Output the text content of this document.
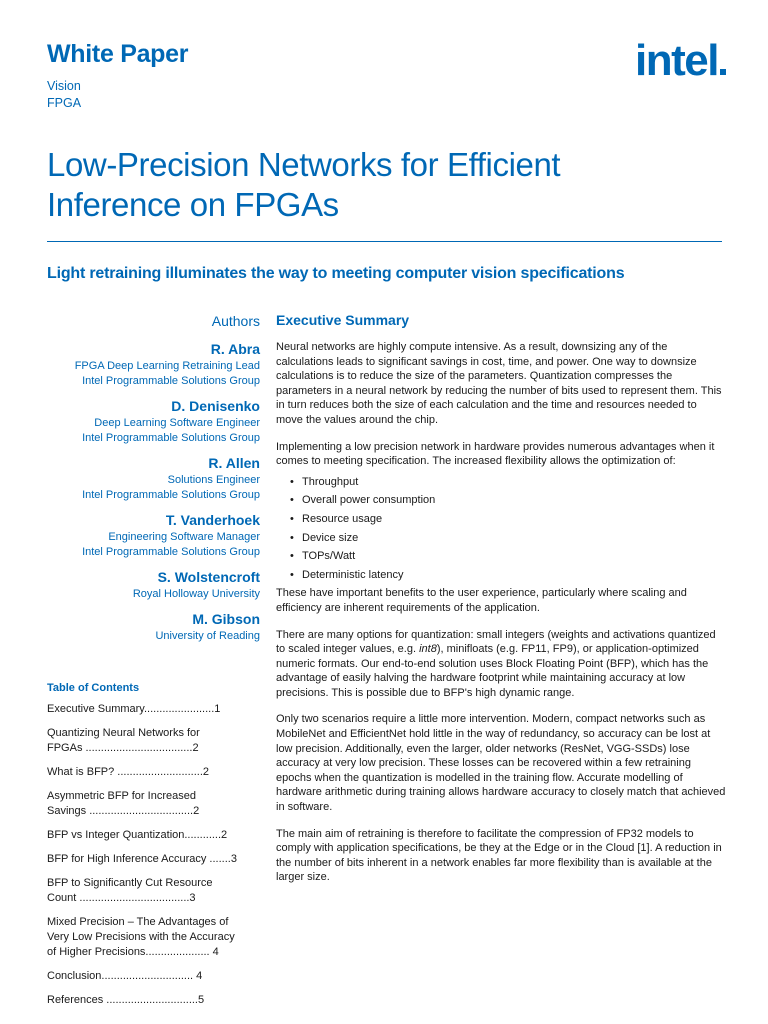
White Paper
Vision
FPGA
intel
Low-Precision Networks for Efficient
Inference on FPGAs
Light retraining illuminates the way to meeting computer vision specifications
Authors
R. Abra
FPGA Deep Learning Retraining Lead
Intel Programmable Solutions Group
D. Denisenko
Deep Learning Software Engineer
Intel Programmable Solutions Group
R. Allen
Solutions Engineer
Intel Programmable Solutions Group
T. Vanderhoek
Engineering Software Manager
Intel Programmable Solutions Group
S. Wolstencroft
Royal Holloway University
M. Gibson
University of Reading
Table of Contents
Executive Summary.......................1
Quantizing Neural Networks for
FPGAs ...................................2
What is BFP? ............................2
Asymmetric BFP for Increased
Savings ..................................2
BFP vs Integer Quantization............2
BFP for High Inference Accuracy .......3
BFP to Significantly Cut Resource
Count ....................................3
Mixed Precision – The Advantages of
Very Low Precisions with the Accuracy
of Higher Precisions..................... 4
Conclusion.............................. 4
References ..............................5
Executive Summary

Neural networks are highly compute intensive. As a result, downsizing any of the calculations leads to significant savings in cost, time, and power. One way to downsize calculations is to reduce the size of the parameters. Quantization compresses the parameters in a neural network by reducing the number of bits used to represent them. This in turn reduces both the size of each calculation and the time and resources needed to move the values around the chip.

Implementing a low precision network in hardware provides numerous advantages when it comes to meeting specification. The increased flexibility allows the optimization of:

• Throughput
• Overall power consumption
• Resource usage
• Device size
• TOPs/Watt
• Deterministic latency

These have important benefits to the user experience, particularly where scaling and efficiency are inherent requirements of the application.

There are many options for quantization: small integers (weights and activations quantized to scaled integer values, e.g. int8), minifloats (e.g. FP11, FP9), or application-optimized numeric formats. Our end-to-end solution uses Block Floating Point (BFP), which has the advantage of easily halving the hardware footprint while maintaining accuracy at low precisions. This is possible due to BFP's high dynamic range.

Only two scenarios require a little more intervention. Modern, compact networks such as MobileNet and EfficientNet hold little in the way of redundancy, so accuracy can be lost at low precision. Additionally, even the larger, older networks (ResNet, VGG-SSDs) lose accuracy at very low precision. These losses can be recovered within a few retraining epochs when the quantization is modelled in the training flow. Accurate modelling of hardware arithmetic during training allows hardware accuracy to closely match that achieved in software.

The main aim of retraining is therefore to facilitate the compression of FP32 models to comply with application specifications, be they at the Edge or in the Cloud [1]. A reduction in the number of bits inherent in a network enables far more flexibility than is available at the larger size.
